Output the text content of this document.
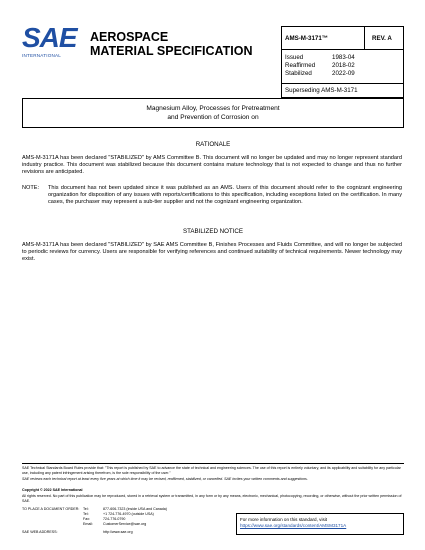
SAE
INTERNATIONAL
AEROSPACE
MATERIAL SPECIFICATION
AMS-M-3171™	REV. A
Issued	1983-04
Reaffirmed	2018-02
Stabilized	2022-09
Superseding AMS-M-3171
Magnesium Alloy, Processes for Pretreatment
and Prevention of Corrosion on
RATIONALE
AMS-M-3171A has been declared "STABILIZED" by AMS Committee B. This document will no longer be updated and may no longer represent standard industry practice. This document was stabilized because this document contains mature technology that is not expected to change and thus no further revisions are anticipated.
NOTE:	This document has not been updated since it was published as an AMS. Users of this document should refer to the cognizant engineering organization for disposition of any issues with reports/certifications to this specification, including exceptions listed on the certification. In many cases, the purchaser may represent a sub-tier supplier and not the cognizant engineering organization.
STABILIZED NOTICE
AMS-M-3171A has been declared "STABILIZED" by SAE AMS Committee B, Finishes Processes and Fluids Committee, and will no longer be subjected to periodic reviews for currency. Users are responsible for verifying references and continued suitability of technical requirements. Newer technology may exist.
SAE Technical Standards Board Rules provide that: "This report is published by SAE to advance the state of technical and engineering sciences. The use of this report is entirely voluntary, and its applicability and suitability for any particular use, including any patent infringement arising therefrom, is the sole responsibility of the user."
SAE reviews each technical report at least every five years at which time it may be revised, reaffirmed, stabilized, or cancelled. SAE invites your written comments and suggestions.
Copyright © 2022 SAE International
All rights reserved. No part of this publication may be reproduced, stored in a retrieval system or transmitted, in any form or by any means, electronic, mechanical, photocopying, recording, or otherwise, without the prior written permission of SAE.
TO PLACE A DOCUMENT ORDER:	Tel:	877-606-7323 (inside USA and Canada)
Tel:	+1 724-776-4970 (outside USA)
Fax:	724-776-0790
Email:	CustomerService@sae.org
SAE WEB ADDRESS:	http://www.sae.org
For more information on this standard, visit
https://www.sae.org/standards/content/AMSM3171A
